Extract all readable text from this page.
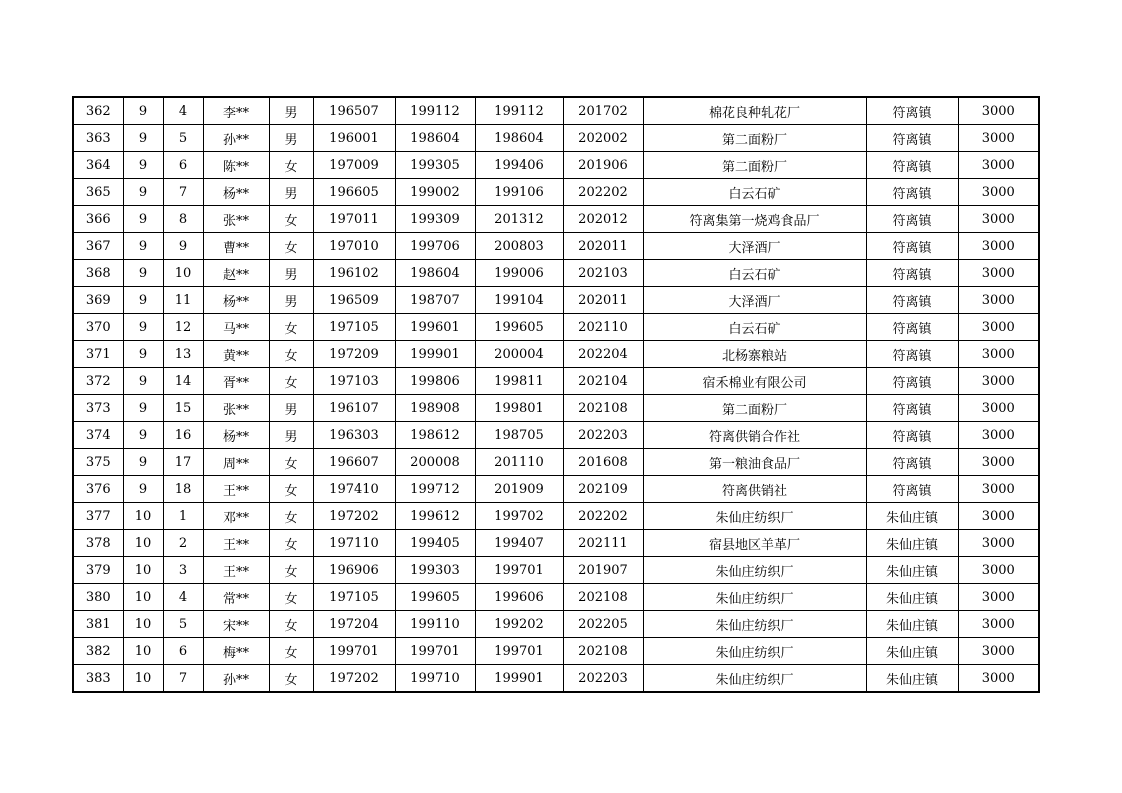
362	9	4	李**	男	196507	199112	199112	201702	棉花良种轧花厂	符离镇	3000
363	9	5	孙**	男	196001	198604	198604	202002	第二面粉厂	符离镇	3000
364	9	6	陈**	女	197009	199305	199406	201906	第二面粉厂	符离镇	3000
365	9	7	杨**	男	196605	199002	199106	202202	白云石矿	符离镇	3000
366	9	8	张**	女	197011	199309	201312	202012	符离集第一烧鸡食品厂	符离镇	3000
367	9	9	曹**	女	197010	199706	200803	202011	大泽酒厂	符离镇	3000
368	9	10	赵**	男	196102	198604	199006	202103	白云石矿	符离镇	3000
369	9	11	杨**	男	196509	198707	199104	202011	大泽酒厂	符离镇	3000
370	9	12	马**	女	197105	199601	199605	202110	白云石矿	符离镇	3000
371	9	13	黄**	女	197209	199901	200004	202204	北杨寨粮站	符离镇	3000
372	9	14	胥**	女	197103	199806	199811	202104	宿禾棉业有限公司	符离镇	3000
373	9	15	张**	男	196107	198908	199801	202108	第二面粉厂	符离镇	3000
374	9	16	杨**	男	196303	198612	198705	202203	符离供销合作社	符离镇	3000
375	9	17	周**	女	196607	200008	201110	201608	第一粮油食品厂	符离镇	3000
376	9	18	王**	女	197410	199712	201909	202109	符离供销社	符离镇	3000
377	10	1	邓**	女	197202	199612	199702	202202	朱仙庄纺织厂	朱仙庄镇	3000
378	10	2	王**	女	197110	199405	199407	202111	宿县地区羊革厂	朱仙庄镇	3000
379	10	3	王**	女	196906	199303	199701	201907	朱仙庄纺织厂	朱仙庄镇	3000
380	10	4	常**	女	197105	199605	199606	202108	朱仙庄纺织厂	朱仙庄镇	3000
381	10	5	宋**	女	197204	199110	199202	202205	朱仙庄纺织厂	朱仙庄镇	3000
382	10	6	梅**	女	199701	199701	199701	202108	朱仙庄纺织厂	朱仙庄镇	3000
383	10	7	孙**	女	197202	199710	199901	202203	朱仙庄纺织厂	朱仙庄镇	3000
